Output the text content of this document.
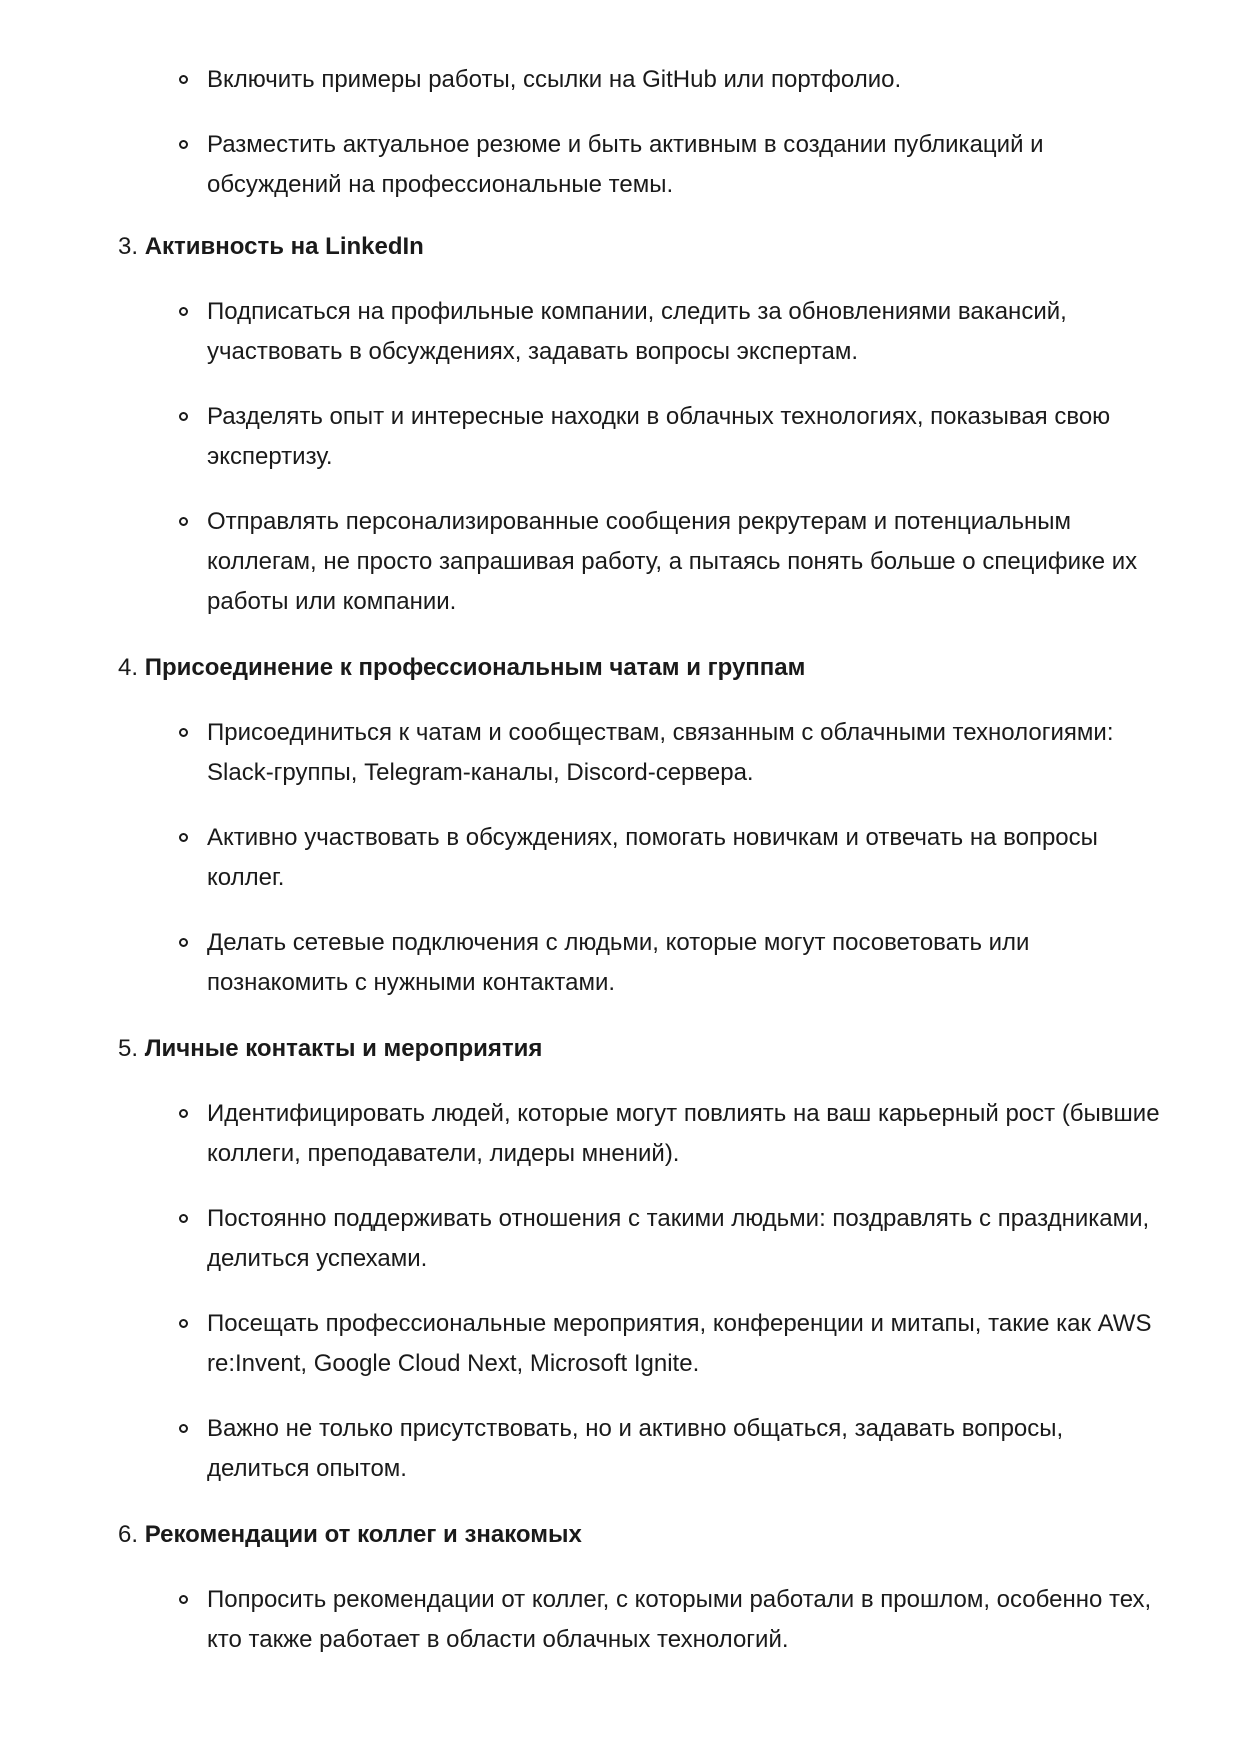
Включить примеры работы, ссылки на GitHub или портфолио.
Разместить актуальное резюме и быть активным в создании публикаций и обсуждений на профессиональные темы.
3. Активность на LinkedIn
Подписаться на профильные компании, следить за обновлениями вакансий, участвовать в обсуждениях, задавать вопросы экспертам.
Разделять опыт и интересные находки в облачных технологиях, показывая свою экспертизу.
Отправлять персонализированные сообщения рекрутерам и потенциальным коллегам, не просто запрашивая работу, а пытаясь понять больше о специфике их работы или компании.
4. Присоединение к профессиональным чатам и группам
Присоединиться к чатам и сообществам, связанным с облачными технологиями: Slack-группы, Telegram-каналы, Discord-сервера.
Активно участвовать в обсуждениях, помогать новичкам и отвечать на вопросы коллег.
Делать сетевые подключения с людьми, которые могут посоветовать или познакомить с нужными контактами.
5. Личные контакты и мероприятия
Идентифицировать людей, которые могут повлиять на ваш карьерный рост (бывшие коллеги, преподаватели, лидеры мнений).
Постоянно поддерживать отношения с такими людьми: поздравлять с праздниками, делиться успехами.
Посещать профессиональные мероприятия, конференции и митапы, такие как AWS re:Invent, Google Cloud Next, Microsoft Ignite.
Важно не только присутствовать, но и активно общаться, задавать вопросы, делиться опытом.
6. Рекомендации от коллег и знакомых
Попросить рекомендации от коллег, с которыми работали в прошлом, особенно тех, кто также работает в области облачных технологий.
